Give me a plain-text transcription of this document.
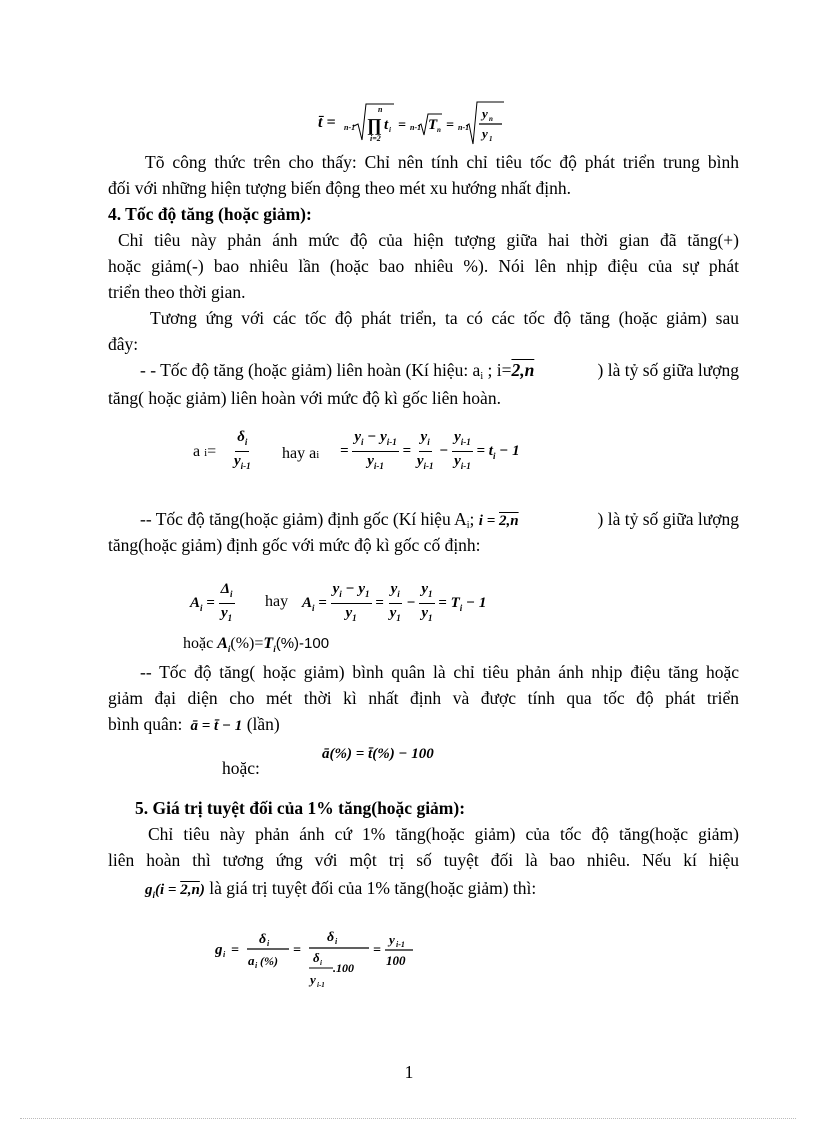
t̄ = n-1
n
∏ t i
i=2
= n-1 T n = n-1
y n
y 1
Tõ công thức trên cho thấy: Chỉ nên tính chỉ tiêu tốc độ phát triển trung bình
đối với những hiện tượng biến động theo mét xu hướng nhất định.
4. Tốc độ tăng (hoặc giảm):
Chỉ tiêu này phản ánh mức độ của hiện tượng giữa hai thời gian đã tăng(+)
hoặc giảm(-) bao nhiêu lần (hoặc bao nhiêu %). Nói lên nhịp điệu của sự phát
triển theo thời gian.
Tương ứng với các tốc độ phát triển, ta có các tốc độ tăng (hoặc giảm) sau
đây:
- - Tốc độ tăng (hoặc giảm) liên hoàn (Kí hiệu: $a_i$ ; i=2,n	) là tỷ số giữa lượng
tăng( hoặc giảm) liên hoàn với mức độ kì gốc liên hoàn.
a $i= \frac{\delta_i}{y_{i-1}}$ hay ai = $\frac{y_i - y_{i-1}}{y_{i-1}} = \frac{y_i}{y_{i-1}} - \frac{y_{i-1}}{y_{i-1}} = t_i - 1$
-- Tốc độ tăng(hoặc giảm) định gốc (Kí hiệu $A_i$; i = 2,n	) là tỷ số giữa lượng
tăng(hoặc giảm) định gốc với mức độ kì gốc cố định:
$A_i = \frac{\Delta_i}{y_1}$ hay $A_i = \frac{y_i - y_1}{y_1} = \frac{y_i}{y_1} - \frac{y_1}{y_1} = T_i - 1$
hoặc $A_i(\%)=T_i(\%)-100$
-- Tốc độ tăng( hoặc giảm) bình quân là chỉ tiêu phản ánh nhịp điệu tăng hoặc
giảm đại diện cho mét thời kì nhất định và được tính qua tốc độ phát triển
bình quân:  ā = t̄ − 1 (lần)
hoặc:
ā(%) = t̄(%) − 100
5. Giá trị tuyệt đối của 1% tăng(hoặc giảm):
Chỉ tiêu này phản ánh cứ 1% tăng(hoặc giảm) của tốc độ tăng(hoặc giảm)
liên hoàn thì tương ứng với một trị số tuyệt đối là bao nhiêu. Nếu kí hiệu
$g_i(i = 2,n)$ là giá trị tuyệt đối của 1% tăng(hoặc giảm) thì:
g i =
δ i
a i (%)
=
δ i
δ i
y i-1
.100
=
y i-1
100
1
